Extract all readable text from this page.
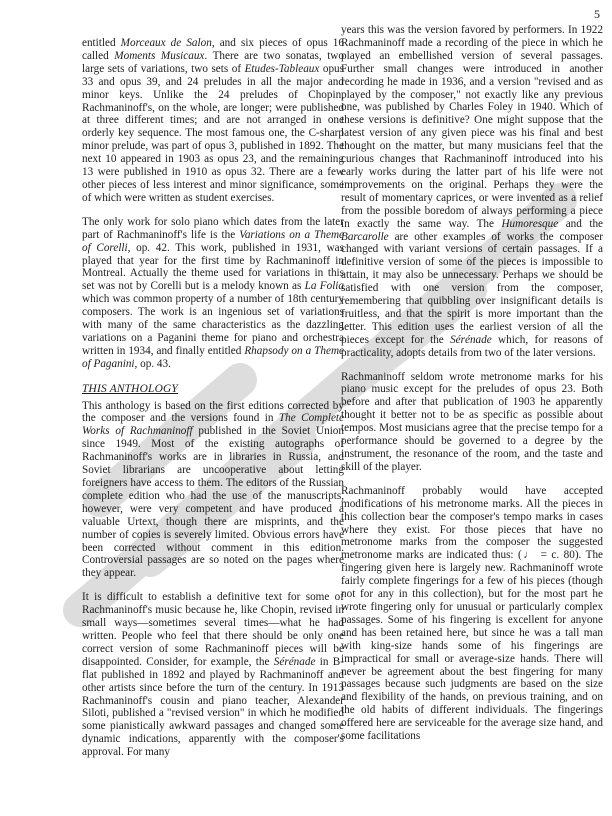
5

entitled Morceaux de Salon, and six pieces of opus 16 called Moments Musicaux. There are two sonatas, two large sets of variations, two sets of Etudes-Tableaux opus 33 and opus 39, and 24 preludes in all the major and minor keys. Unlike the 24 preludes of Chopin, Rachmaninoff's, on the whole, are longer; were published at three different times; and are not arranged in one orderly key sequence. The most famous one, the C-sharp minor prelude, was part of opus 3, published in 1892. The next 10 appeared in 1903 as opus 23, and the remaining 13 were published in 1910 as opus 32. There are a few other pieces of less interest and minor significance, some of which were written as student exercises.

The only work for solo piano which dates from the later part of Rachmaninoff's life is the Variations on a Theme of Corelli, op. 42. This work, published in 1931, was played that year for the first time by Rachmaninoff in Montreal. Actually the theme used for variations in this set was not by Corelli but is a melody known as La Folia which was common property of a number of 18th century composers. The work is an ingenious set of variations with many of the same characteristics as the dazzling variations on a Paganini theme for piano and orchestra written in 1934, and finally entitled Rhapsody on a Theme of Paganini, op. 43.

THIS ANTHOLOGY

This anthology is based on the first editions corrected by the composer and the versions found in The Complete Works of Rachmaninoff published in the Soviet Union since 1949. Most of the existing autographs of Rachmaninoff's works are in libraries in Russia, and Soviet librarians are uncooperative about letting foreigners have access to them. The editors of the Russian complete edition who had the use of the manuscripts, however, were very competent and have produced a valuable Urtext, though there are misprints, and the number of copies is severely limited. Obvious errors have been corrected without comment in this edition. Controversial passages are so noted on the pages where they appear.

It is difficult to establish a definitive text for some of Rachmaninoff's music because he, like Chopin, revised in small ways—sometimes several times—what he had written. People who feel that there should be only one correct version of some Rachmaninoff pieces will be disappointed. Consider, for example, the Sérénade in B-flat published in 1892 and played by Rachmaninoff and other artists since before the turn of the century. In 1913 Rachmaninoff's cousin and piano teacher, Alexander Siloti, published a "revised version" in which he modified some pianistically awkward passages and changed some dynamic indications, apparently with the composer's approval. For many

years this was the version favored by performers. In 1922 Rachmaninoff made a recording of the piece in which he played an embellished version of several passages. Further small changes were introduced in another recording he made in 1936, and a version "revised and as played by the composer," not exactly like any previous one, was published by Charles Foley in 1940. Which of these versions is definitive? One might suppose that the latest version of any given piece was his final and best thought on the matter, but many musicians feel that the curious changes that Rachmaninoff introduced into his early works during the latter part of his life were not improvements on the original. Perhaps they were the result of momentary caprices, or were invented as a relief from the possible boredom of always performing a piece in exactly the same way. The Humoresque and the Barcarolle are other examples of works the composer changed with variant versions of certain passages. If a definitive version of some of the pieces is impossible to attain, it may also be unnecessary. Perhaps we should be satisfied with one version from the composer, remembering that quibbling over insignificant details is fruitless, and that the spirit is more important than the letter. This edition uses the earliest version of all the pieces except for the Sérénade which, for reasons of practicality, adopts details from two of the later versions.

Rachmaninoff seldom wrote metronome marks for his piano music except for the preludes of opus 23. Both before and after that publication of 1903 he apparently thought it better not to be as specific as possible about tempos. Most musicians agree that the precise tempo for a performance should be governed to a degree by the instrument, the resonance of the room, and the taste and skill of the player.

Rachmaninoff probably would have accepted modifications of his metronome marks. All the pieces in this collection bear the composer's tempo marks in cases where they exist. For those pieces that have no metronome marks from the composer the suggested metronome marks are indicated thus: (♩ = c. 80). The fingering given here is largely new. Rachmaninoff wrote fairly complete fingerings for a few of his pieces (though not for any in this collection), but for the most part he wrote fingering only for unusual or particularly complex passages. Some of his fingering is excellent for anyone and has been retained here, but since he was a tall man with king-size hands some of his fingerings are impractical for small or average-size hands. There will never be agreement about the best fingering for many passages because such judgments are based on the size and flexibility of the hands, on previous training, and on the old habits of different individuals. The fingerings offered here are serviceable for the average size hand, and some facilitations
